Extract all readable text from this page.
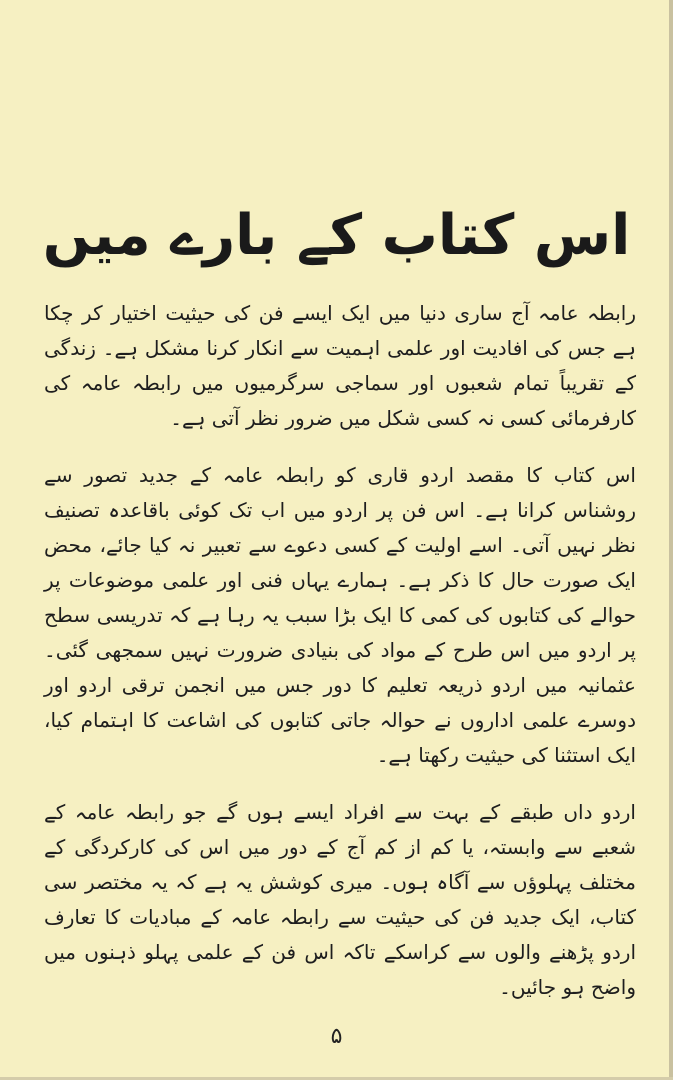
اس کتاب کے بارے میں

رابطہ عامہ آج ساری دنیا میں ایک ایسے فن کی حیثیت اختیار کر چکا ہے جس کی افادیت اور علمی اہمیت سے انکار کرنا مشکل ہے۔ زندگی کے تقریباً تمام شعبوں اور سماجی سرگرمیوں میں رابطہ عامہ کی کارفرمائی کسی نہ کسی شکل میں ضرور نظر آتی ہے۔

اس کتاب کا مقصد اردو قاری کو رابطہ عامہ کے جدید تصور سے روشناس کرانا ہے۔ اس فن پر اردو میں اب تک کوئی باقاعدہ تصنیف نظر نہیں آتی۔ اسے اولیت کے کسی دعوے سے تعبیر نہ کیا جائے، محض ایک صورت حال کا ذکر ہے۔ ہمارے یہاں فنی اور علمی موضوعات پر حوالے کی کتابوں کی کمی کا ایک بڑا سبب یہ رہا ہے کہ تدریسی سطح پر اردو میں اس طرح کے مواد کی بنیادی ضرورت نہیں سمجھی گئی۔ عثمانیہ میں اردو ذریعہ تعلیم کا دور جس میں انجمن ترقی اردو اور دوسرے علمی اداروں نے حوالہ جاتی کتابوں کی اشاعت کا اہتمام کیا، ایک استثنا کی حیثیت رکھتا ہے۔

اردو داں طبقے کے بہت سے افراد ایسے ہوں گے جو رابطہ عامہ کے شعبے سے وابستہ، یا کم از کم آج کے دور میں اس کی کارکردگی کے مختلف پہلوؤں سے آگاہ ہوں۔ میری کوشش یہ ہے کہ یہ مختصر سی کتاب، ایک جدید فن کی حیثیت سے رابطہ عامہ کے مبادیات کا تعارف اردو پڑھنے والوں سے کراسکے تاکہ اس فن کے علمی پہلو ذہنوں میں واضح ہو جائیں۔

۵
